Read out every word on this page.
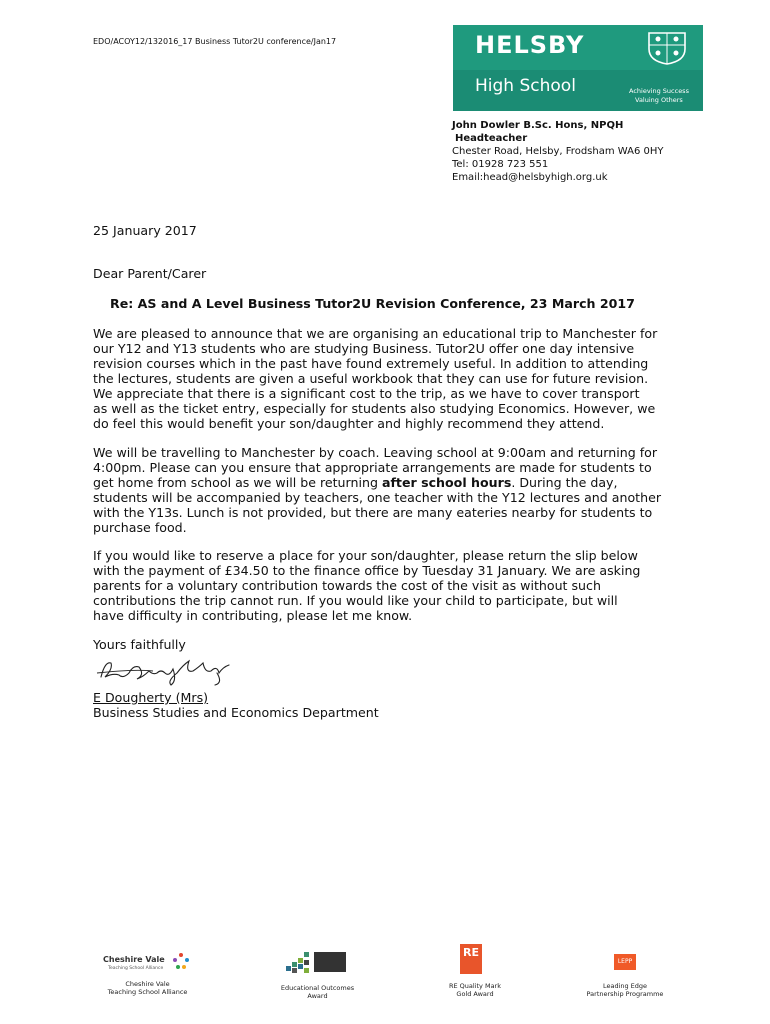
EDO/ACOY12/132016_17 Business Tutor2U conference/Jan17	HELSBY
High School	Achieving Success
Valuing Others
John Dowler B.Sc. Hons, NPQH
Headteacher
Chester Road, Helsby, Frodsham WA6 0HY
Tel: 01928 723 551
Email:head@helsbyhigh.org.uk
25 January 2017
Dear Parent/Carer
Re: AS and A Level Business Tutor2U Revision Conference, 23 March 2017
We are pleased to announce that we are organising an educational trip to Manchester for
our Y12 and Y13 students who are studying Business. Tutor2U offer one day intensive
revision courses which in the past have found extremely useful. In addition to attending
the lectures, students are given a useful workbook that they can use for future revision.
We appreciate that there is a significant cost to the trip, as we have to cover transport
as well as the ticket entry, especially for students also studying Economics. However, we
do feel this would benefit your son/daughter and highly recommend they attend.
We will be travelling to Manchester by coach. Leaving school at 9:00am and returning for
4:00pm. Please can you ensure that appropriate arrangements are made for students to
get home from school as we will be returning after school hours. During the day,
students will be accompanied by teachers, one teacher with the Y12 lectures and another
with the Y13s. Lunch is not provided, but there are many eateries nearby for students to
purchase food.
If you would like to reserve a place for your son/daughter, please return the slip below
with the payment of £34.50 to the finance office by Tuesday 31 January. We are asking
parents for a voluntary contribution towards the cost of the visit as without such
contributions the trip cannot run. If you would like your child to participate, but will
have difficulty in contributing, please let me know.
Yours faithfully
E Dougherty (Mrs)
Business Studies and Economics Department
Cheshire Vale
Teaching School Alliance
Cheshire Vale
Teaching School Alliance	Educational Outcomes
Award
RE
RE Quality Mark
Gold Award
LEPP
Leading Edge
Partnership Programme
